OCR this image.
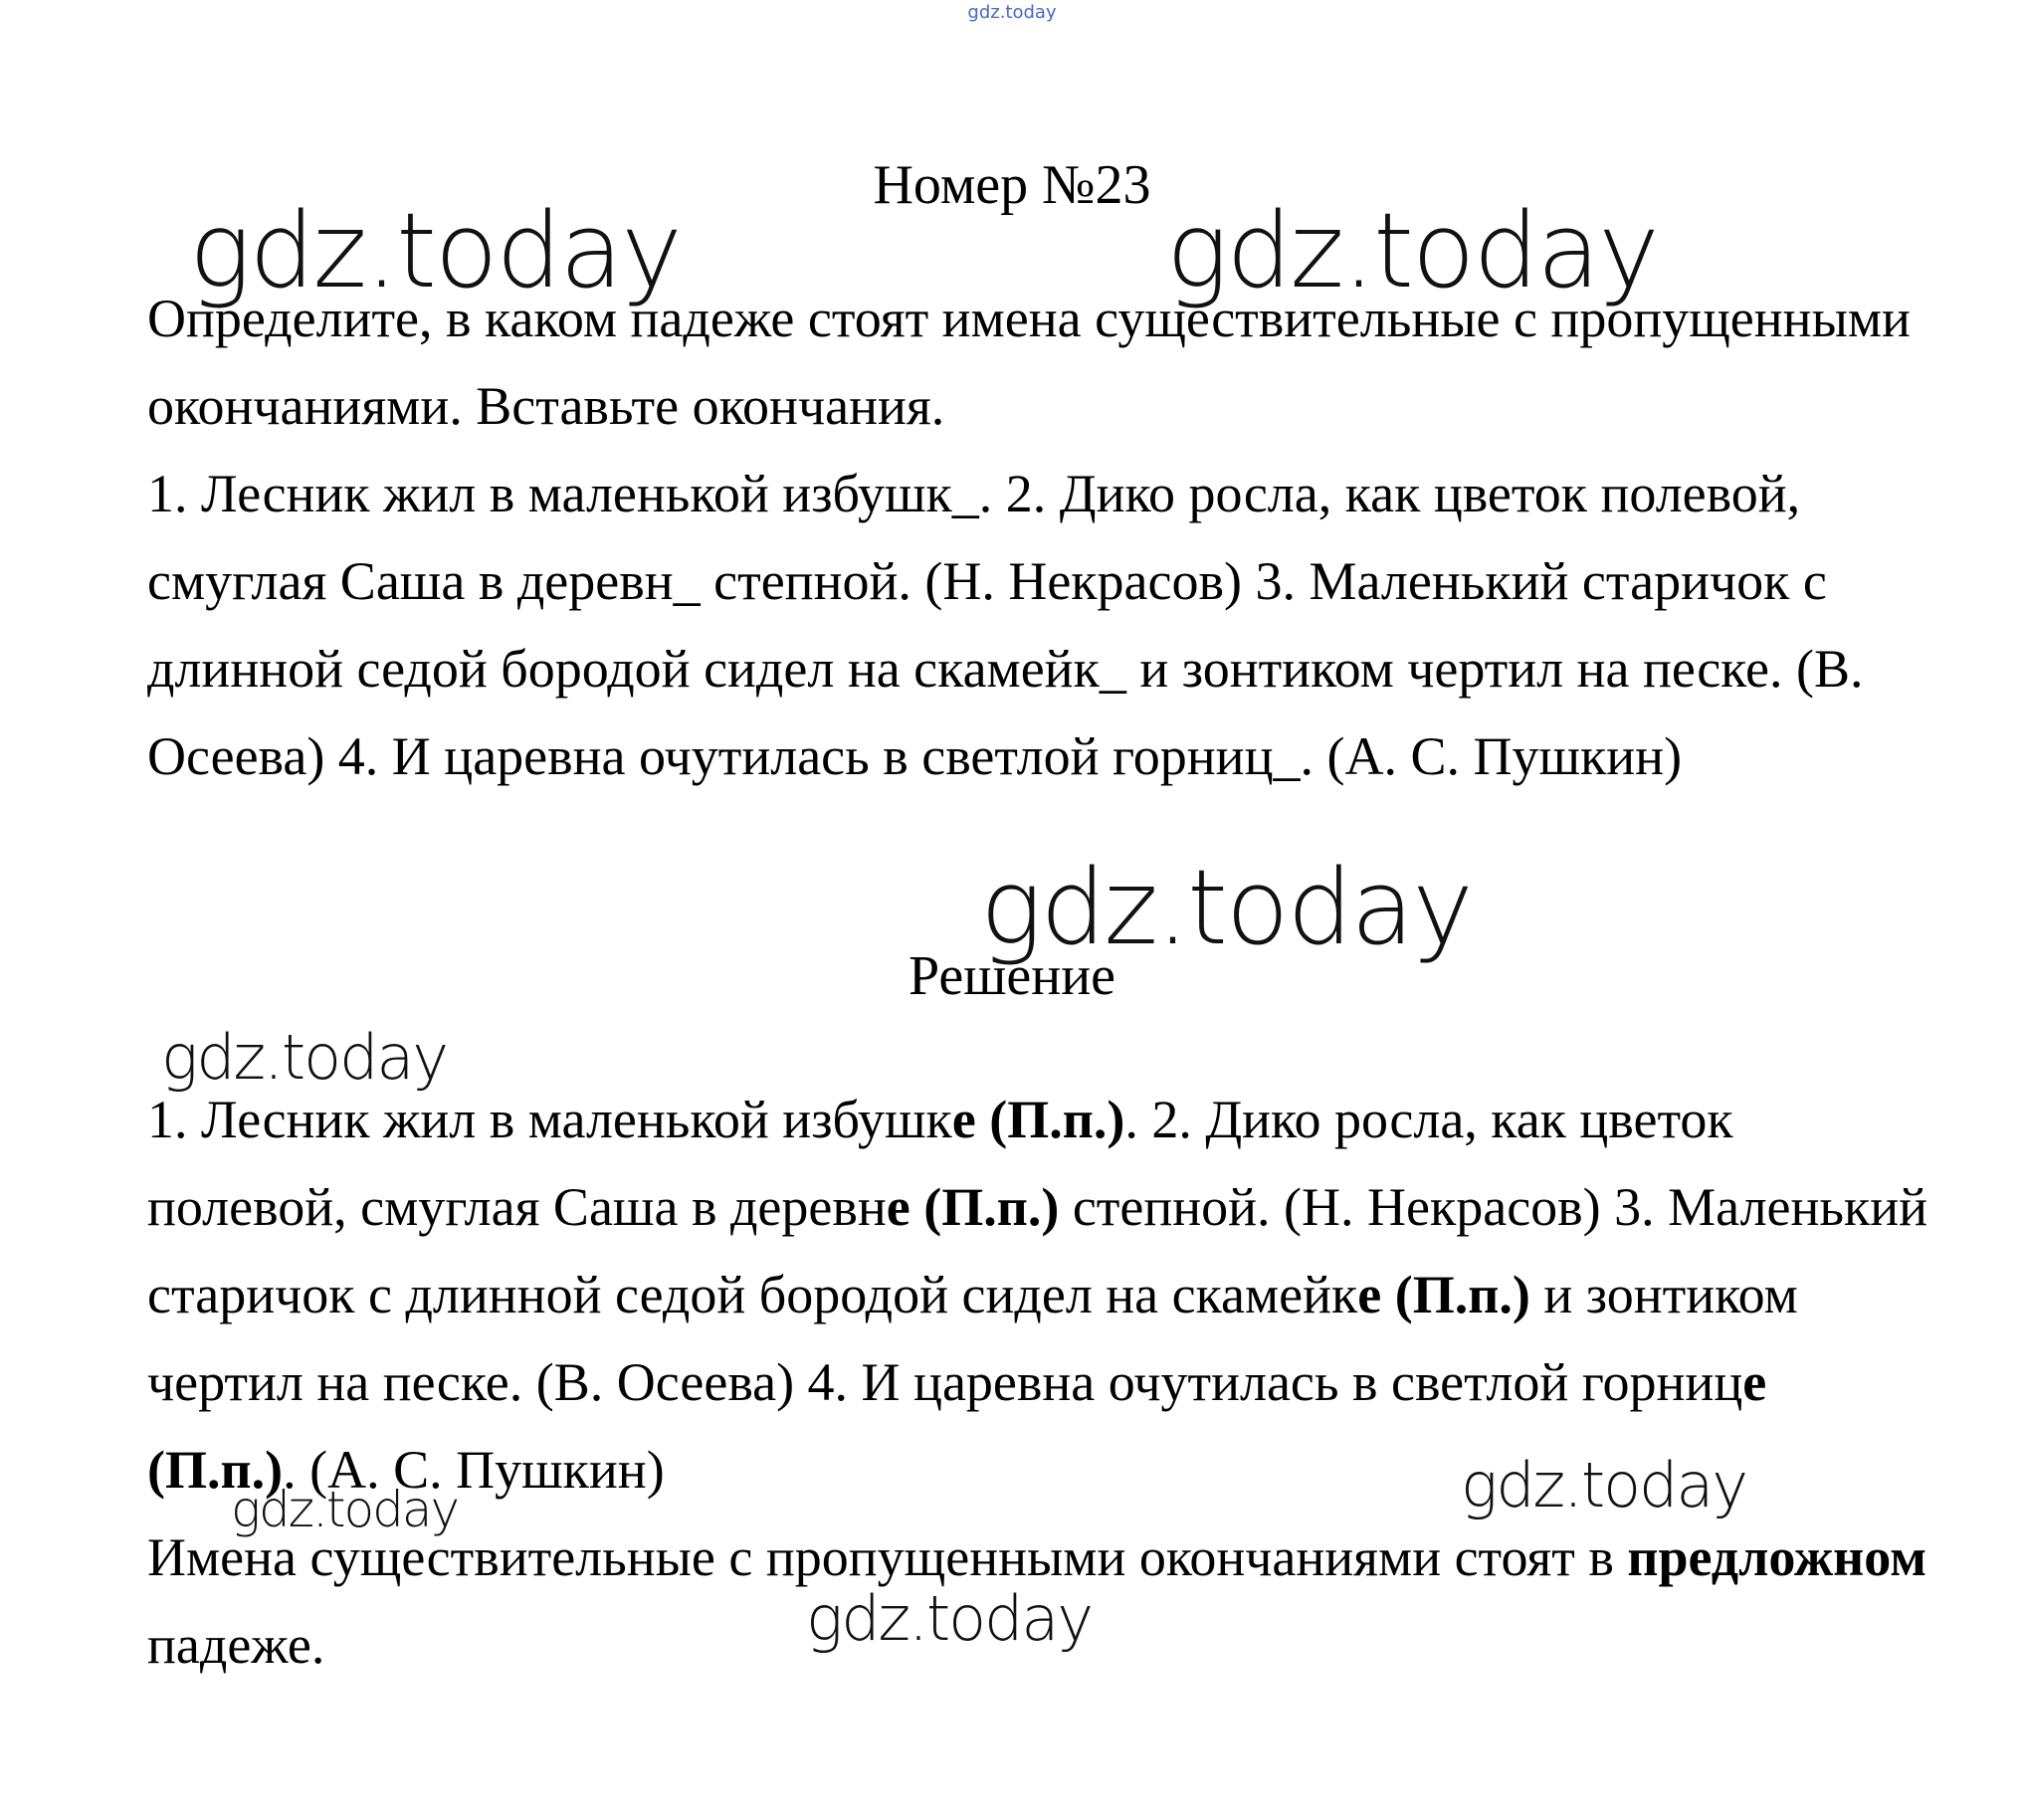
gdz.today
Номер №23

Определите, в каком падеже стоят имена существительные с пропущенными окончаниями. Вставьте окончания.
1. Лесник жил в маленькой избушк_. 2. Дико росла, как цветок полевой, смуглая Саша в деревн_ степной. (Н. Некрасов) 3. Маленький старичок с длинной седой бородой сидел на скамейк_ и зонтиком чертил на песке. (В. Осеева) 4. И царевна очутилась в светлой горниц_. (А. С. Пушкин)

Решение

1. Лесник жил в маленькой избушке (П.п.). 2. Дико росла, как цветок полевой, смуглая Саша в деревне (П.п.) степной. (Н. Некрасов) 3. Маленький старичок с длинной седой бородой сидел на скамейке (П.п.) и зонтиком чертил на песке. (В. Осеева) 4. И царевна очутилась в светлой горнице (П.п.). (А. С. Пушкин)

Имена существительные с пропущенными окончаниями стоят в предложном падеже.

gdz.today	gdz.today
gdz.today
gdz.today
gdz.today
gdz.today
gdz.today
